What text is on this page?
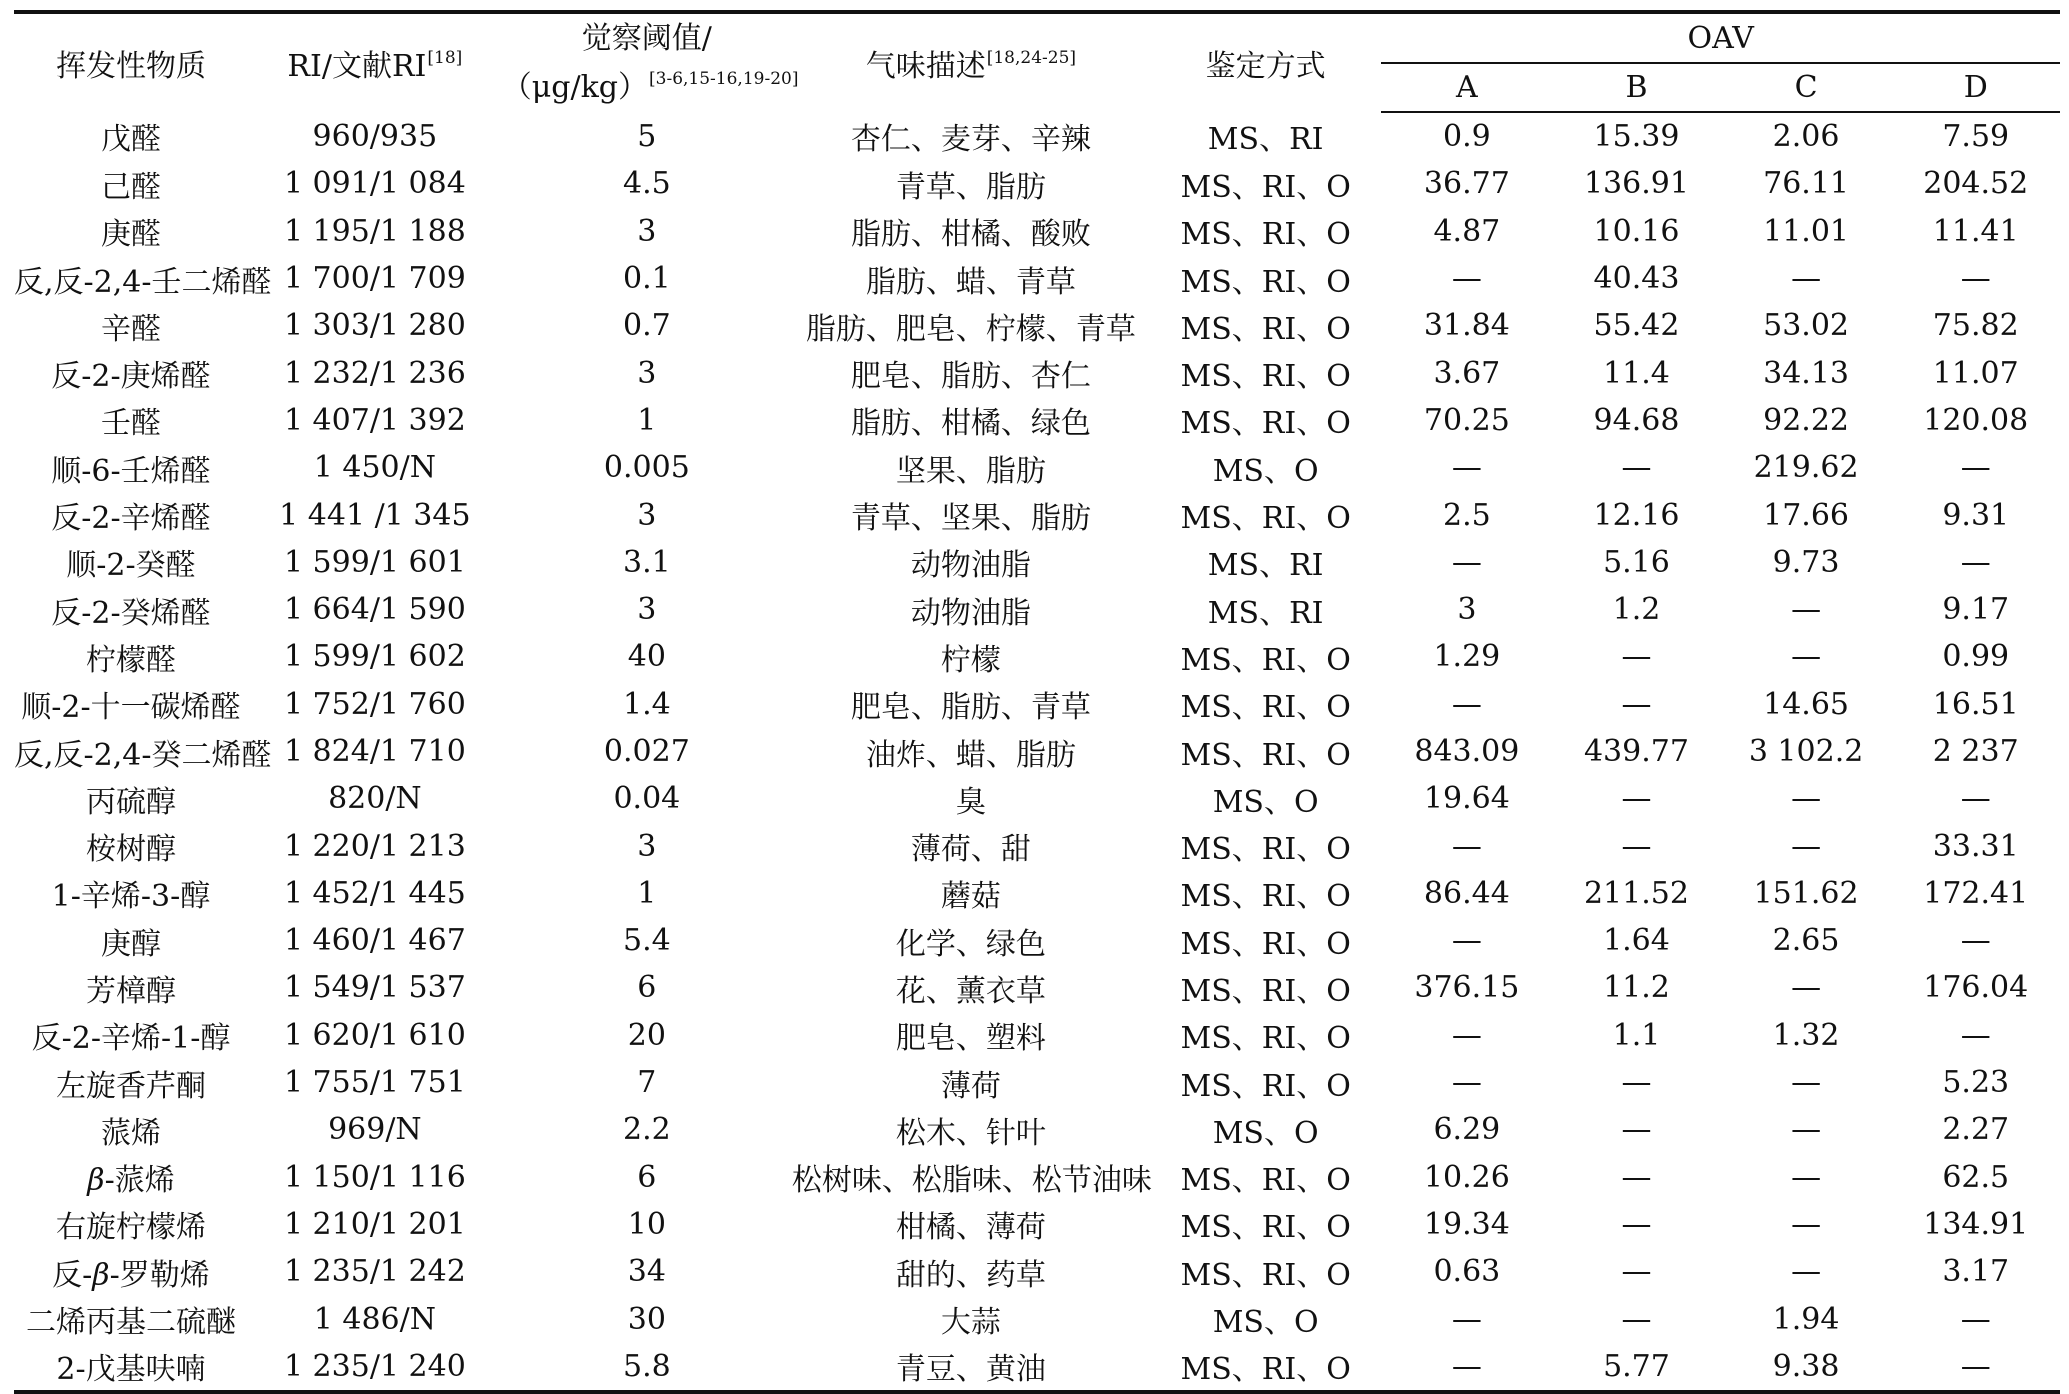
挥发性物质	RI/文献RI[18]	觉察阈值/
（μg/kg）[3-6,15-16,19-20]	气味描述[18,24-25]	鉴定方式	OAV			
					A	B	C	D
戊醛	960/935	5	杏仁、麦芽、辛辣	MS、RI	0.9	15.39	2.06	7.59
己醛	1 091/1 084	4.5	青草、脂肪	MS、RI、O	36.77	136.91	76.11	204.52
庚醛	1 195/1 188	3	脂肪、柑橘、酸败	MS、RI、O	4.87	10.16	11.01	11.41
反,反-2,4-壬二烯醛	1 700/1 709	0.1	脂肪、蜡、青草	MS、RI、O	—	40.43	—	—
辛醛	1 303/1 280	0.7	脂肪、肥皂、柠檬、青草	MS、RI、O	31.84	55.42	53.02	75.82
反-2-庚烯醛	1 232/1 236	3	肥皂、脂肪、杏仁	MS、RI、O	3.67	11.4	34.13	11.07
壬醛	1 407/1 392	1	脂肪、柑橘、绿色	MS、RI、O	70.25	94.68	92.22	120.08
顺-6-壬烯醛	1 450/N	0.005	坚果、脂肪	MS、O	—	—	219.62	—
反-2-辛烯醛	1 441 /1 345	3	青草、坚果、脂肪	MS、RI、O	2.5	12.16	17.66	9.31
顺-2-癸醛	1 599/1 601	3.1	动物油脂	MS、RI	—	5.16	9.73	—
反-2-癸烯醛	1 664/1 590	3	动物油脂	MS、RI	3	1.2	—	9.17
柠檬醛	1 599/1 602	40	柠檬	MS、RI、O	1.29	—	—	0.99
顺-2-十一碳烯醛	1 752/1 760	1.4	肥皂、脂肪、青草	MS、RI、O	—	—	14.65	16.51
反,反-2,4-癸二烯醛	1 824/1 710	0.027	油炸、蜡、脂肪	MS、RI、O	843.09	439.77	3 102.2	2 237
丙硫醇	820/N	0.04	臭	MS、O	19.64	—	—	—
桉树醇	1 220/1 213	3	薄荷、甜	MS、RI、O	—	—	—	33.31
1-辛烯-3-醇	1 452/1 445	1	蘑菇	MS、RI、O	86.44	211.52	151.62	172.41
庚醇	1 460/1 467	5.4	化学、绿色	MS、RI、O	—	1.64	2.65	—
芳樟醇	1 549/1 537	6	花、薰衣草	MS、RI、O	376.15	11.2	—	176.04
反-2-辛烯-1-醇	1 620/1 610	20	肥皂、塑料	MS、RI、O	—	1.1	1.32	—
左旋香芹酮	1 755/1 751	7	薄荷	MS、RI、O	—	—	—	5.23
蒎烯	969/N	2.2	松木、针叶	MS、O	6.29	—	—	2.27
β-蒎烯	1 150/1 116	6	松树味、松脂味、松节油味	MS、RI、O	10.26	—	—	62.5
右旋柠檬烯	1 210/1 201	10	柑橘、薄荷	MS、RI、O	19.34	—	—	134.91
反-β-罗勒烯	1 235/1 242	34	甜的、药草	MS、RI、O	0.63	—	—	3.17
二烯丙基二硫醚	1 486/N	30	大蒜	MS、O	—	—	1.94	—
2-戊基呋喃	1 235/1 240	5.8	青豆、黄油	MS、RI、O	—	5.77	9.38	—
